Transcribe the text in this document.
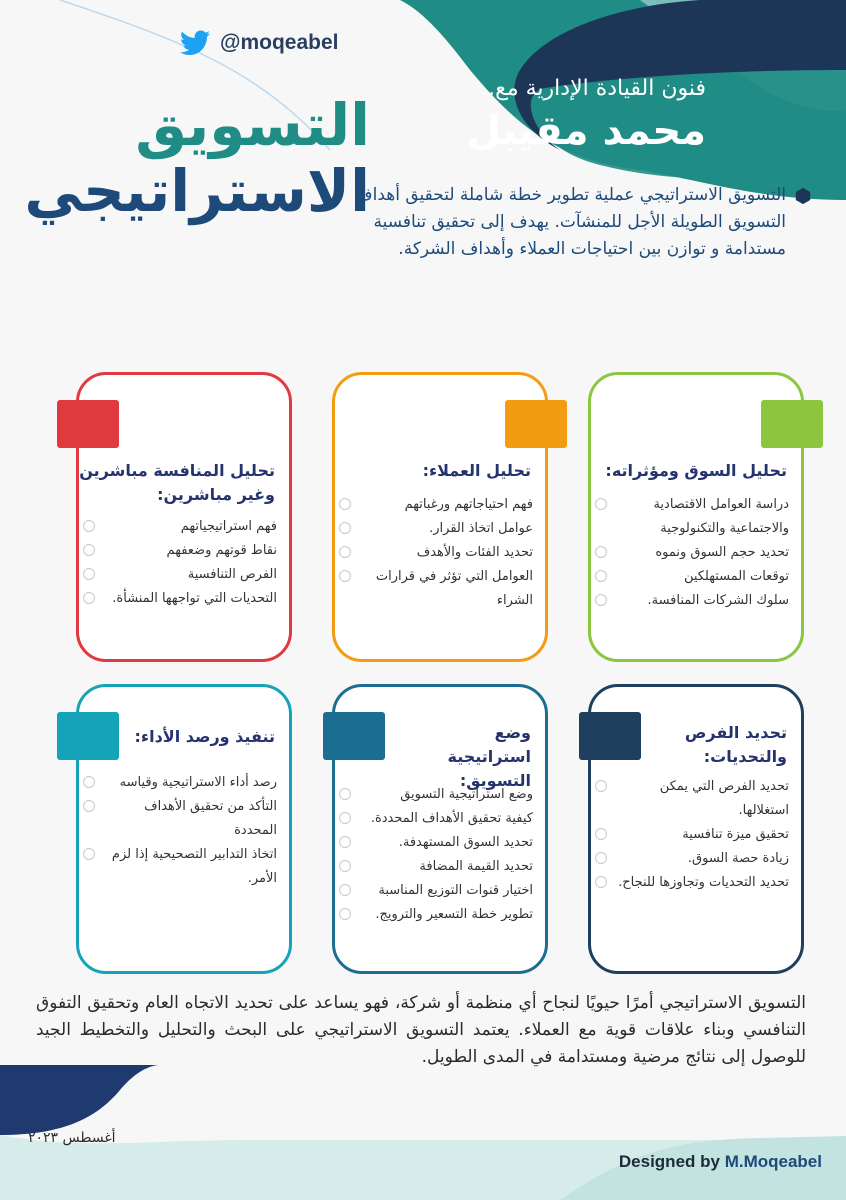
@moqeabel
فنون القيادة الإدارية مع..
محمد مقيبل
التسويق
الاستراتيجي
التسويق الاستراتيجي عملية تطوير خطة شاملة لتحقيق أهداف التسويق الطويلة الأجل للمنشآت. يهدف إلى تحقيق تنافسية مستدامة و توازن بين احتياجات العملاء وأهداف الشركة.
تحليل السوق ومؤثراته:
دراسة العوامل الاقتصادية والاجتماعية والتكنولوجية
تحديد حجم السوق ونموه
توقعات المستهلكين
سلوك الشركات المنافسة.
تحليل العملاء:
فهم احتياجاتهم ورغباتهم
عوامل اتخاذ القرار.
تحديد الفئات والأهدف
العوامل التي تؤثر في قرارات الشراء
تحليل المنافسة مباشرين وغير مباشرين:
فهم استراتيجياتهم
نقاط قوتهم وضعفهم
الفرص التنافسية
التحديات التي تواجهها المنشأة.
تحديد الفرص والتحديات:
تحديد الفرص التي يمكن استغلالها.
تحقيق ميزة تنافسية
زيادة حصة السوق.
تحديد التحديات وتجاوزها للنجاح.
وضع استراتيجية التسويق:
وضع استراتيجية التسويق
كيفية تحقيق الأهداف المحددة.
تحديد السوق المستهدفة.
تحديد القيمة المضافة
اختيار قنوات التوزيع المناسبة
تطوير خطة التسعير والترويج.
تنفيذ ورصد الأداء:
رصد أداء الاستراتيجية وقياسه
التأكد من تحقيق الأهداف المحددة
اتخاذ التدابير التصحيحية إذا لزم الأمر.
التسويق الاستراتيجي أمرًا حيويًا لنجاح أي منظمة أو شركة، فهو يساعد على تحديد الاتجاه العام وتحقيق التفوق التنافسي وبناء علاقات قوية مع العملاء. يعتمد التسويق الاستراتيجي على البحث والتحليل والتخطيط الجيد للوصول إلى نتائج مرضية ومستدامة في المدى الطويل.
أغسطس ٢٠٢٣
Designed by M.Moqeabel
